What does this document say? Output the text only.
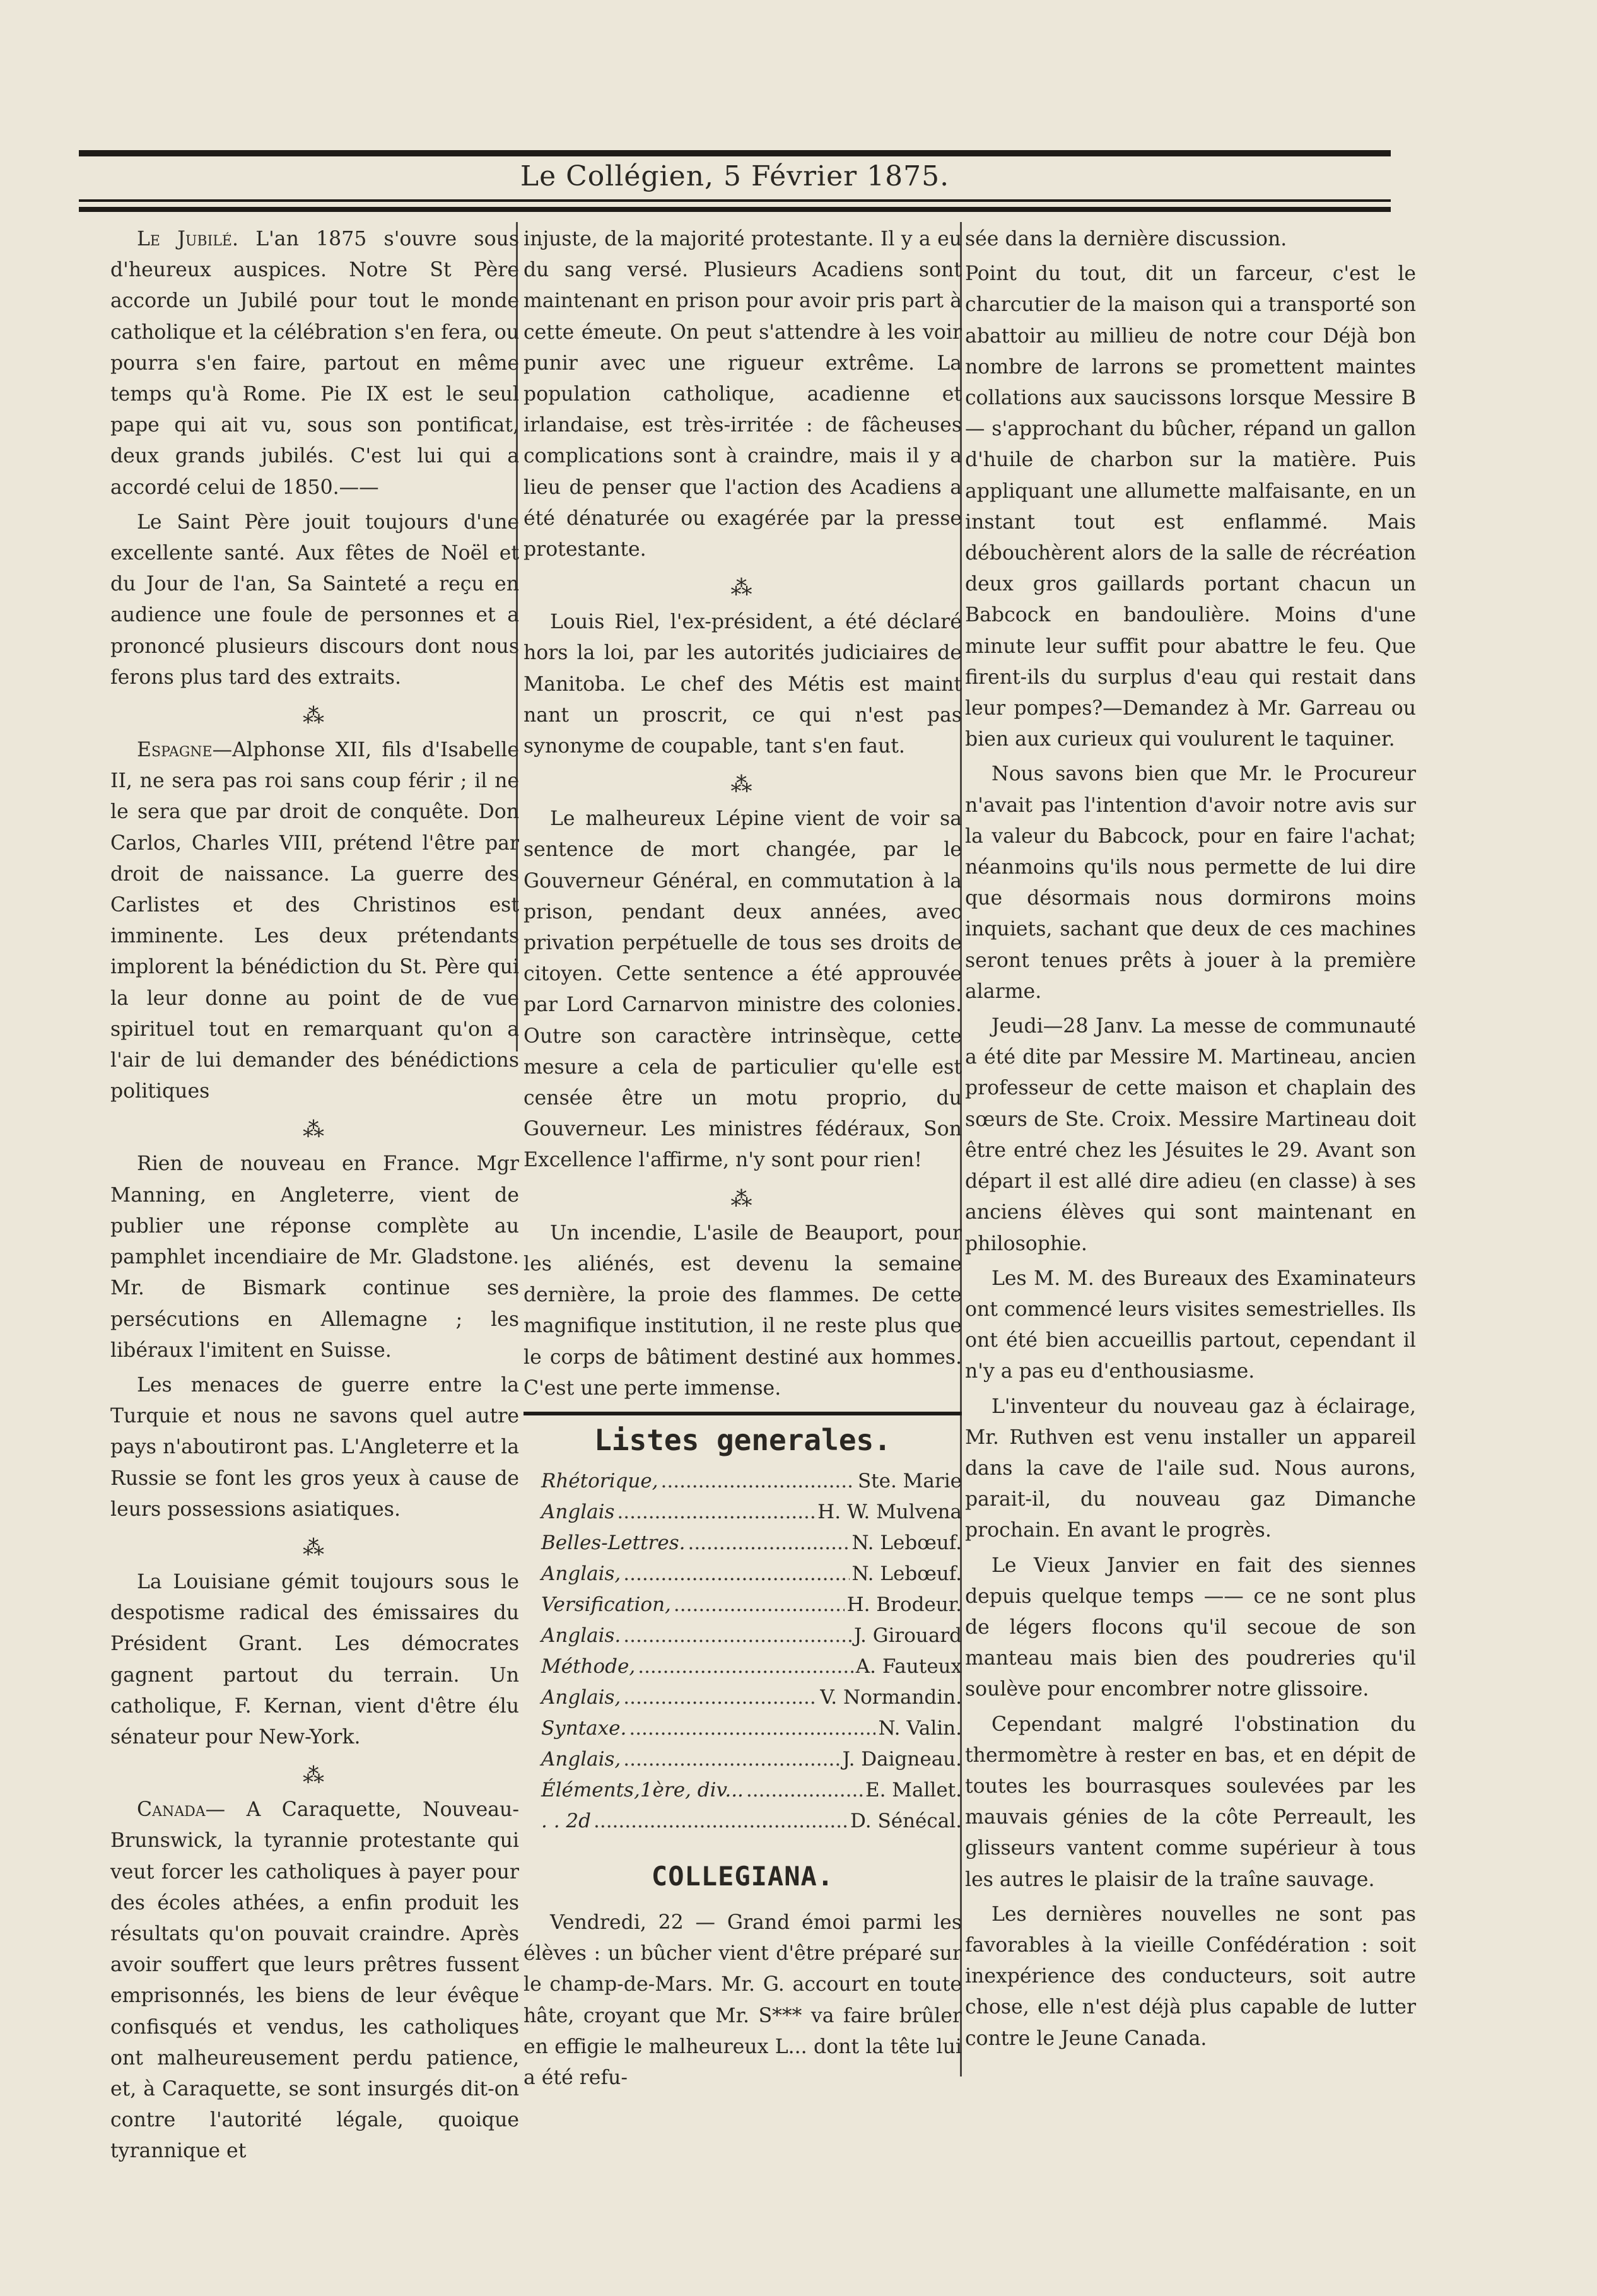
Le Collégien, 5 Février 1875.

Le Jubilé. L'an 1875 s'ouvre sous d'heureux auspices. Notre St Père accorde un Jubilé pour tout le monde catholique et la célébration s'en fera, ou pourra s'en faire, partout en même temps qu'à Rome. Pie IX est le seul pape qui ait vu, sous son pontificat, deux grands jubilés. C'est lui qui a accordé celui de 1850.——

Le Saint Père jouit toujours d'une excellente santé. Aux fêtes de Noël et du Jour de l'an, Sa Sainteté a reçu en audience une foule de personnes et a prononcé plusieurs discours dont nous ferons plus tard des extraits.

⁂

Espagne—Alphonse XII, fils d'Isabelle II, ne sera pas roi sans coup férir ; il ne le sera que par droit de conquête. Don Carlos, Charles VIII, prétend l'être par droit de naissance. La guerre des Carlistes et des Christinos est imminente. Les deux prétendants implorent la bénédiction du St. Père qui la leur donne au point de de vue spirituel tout en remarquant qu'on a l'air de lui demander des bénédictions politiques

⁂

Rien de nouveau en France. Mgr Manning, en Angleterre, vient de publier une réponse complète au pamphlet incendiaire de Mr. Gladstone. Mr. de Bismark continue ses persécutions en Allemagne ; les libéraux l'imitent en Suisse.

Les menaces de guerre entre la Turquie et nous ne savons quel autre pays n'aboutiront pas. L'Angleterre et la Russie se font les gros yeux à cause de leurs possessions asiatiques.

⁂

La Louisiane gémit toujours sous le despotisme radical des émissaires du Président Grant. Les démocrates gagnent partout du terrain. Un catholique, F. Kernan, vient d'être élu sénateur pour New-York.

⁂

Canada— A Caraquette, Nouveau-Brunswick, la tyrannie protestante qui veut forcer les catholiques à payer pour des écoles athées, a enfin produit les résultats qu'on pouvait craindre. Après avoir souffert que leurs prêtres fussent emprisonnés, les biens de leur évêque confisqués et vendus, les catholiques ont malheureusement perdu patience, et, à Caraquette, se sont insurgés dit-on contre l'autorité légale, quoique tyrannique et

injuste, de la majorité protestante. Il y a eu du sang versé. Plusieurs Acadiens sont maintenant en prison pour avoir pris part à cette émeute. On peut s'attendre à les voir punir avec une rigueur extrême. La population catholique, acadienne et irlandaise, est très-irritée : de fâcheuses complications sont à craindre, mais il y a lieu de penser que l'action des Acadiens a été dénaturée ou exagérée par la presse protestante.

⁂

Louis Riel, l'ex-président, a été déclaré hors la loi, par les autorités judiciaires de Manitoba. Le chef des Métis est maint nant un proscrit, ce qui n'est pas synonyme de coupable, tant s'en faut.

⁂

Le malheureux Lépine vient de voir sa sentence de mort changée, par le Gouverneur Général, en commutation à la prison, pendant deux années, avec privation perpétuelle de tous ses droits de citoyen. Cette sentence a été approuvée par Lord Carnarvon ministre des colonies. Outre son caractère intrinsèque, cette mesure a cela de particulier qu'elle est censée être un motu proprio, du Gouverneur. Les ministres fédéraux, Son Excellence l'affirme, n'y sont pour rien!

⁂

Un incendie, L'asile de Beauport, pour les aliénés, est devenu la semaine dernière, la proie des flammes. De cette magnifique institution, il ne reste plus que le corps de bâtiment destiné aux hommes. C'est une perte immense.

Listes generales.
Rhétorique, .....	Ste. Marie
Anglais .....	H. W. Mulvena
Belles-Lettres. .....	N. Lebœuf.
Anglais, .....	N. Lebœuf.
Versification, .....	H. Brodeur.
Anglais. .....	J. Girouard
Méthode, .....	A. Fauteux
Anglais, .....	V. Normandin.
Syntaxe. .....	N. Valin.
Anglais, .....	J. Daigneau.
Éléments,1ère, div... .....	E. Mallet.
. . 2d .....	D. Sénécal.
COLLEGIANA.

Vendredi, 22 — Grand émoi parmi les élèves : un bûcher vient d'être préparé sur le champ-de-Mars. Mr. G. accourt en toute hâte, croyant que Mr. S*** va faire brûler en effigie le malheureux L... dont la tête lui a été refu-

sée dans la dernière discussion.

Point du tout, dit un farceur, c'est le charcutier de la maison qui a transporté son abattoir au millieu de notre cour Déjà bon nombre de larrons se promettent maintes collations aux saucissons lorsque Messire B— s'approchant du bûcher, répand un gallon d'huile de charbon sur la matière. Puis appliquant une allumette malfaisante, en un instant tout est enflammé. Mais débouchèrent alors de la salle de récréation deux gros gaillards portant chacun un Babcock en bandoulière. Moins d'une minute leur suffit pour abattre le feu. Que firent-ils du surplus d'eau qui restait dans leur pompes?—Demandez à Mr. Garreau ou bien aux curieux qui voulurent le taquiner.

Nous savons bien que Mr. le Procureur n'avait pas l'intention d'avoir notre avis sur la valeur du Babcock, pour en faire l'achat; néanmoins qu'ils nous permette de lui dire que désormais nous dormirons moins inquiets, sachant que deux de ces machines seront tenues prêts à jouer à la première alarme.

Jeudi—28 Janv. La messe de communauté a été dite par Messire M. Martineau, ancien professeur de cette maison et chaplain des sœurs de Ste. Croix. Messire Martineau doit être entré chez les Jésuites le 29. Avant son départ il est allé dire adieu (en classe) à ses anciens élèves qui sont maintenant en philosophie.

Les M. M. des Bureaux des Examinateurs ont commencé leurs visites semestrielles. Ils ont été bien accueillis partout, cependant il n'y a pas eu d'enthousiasme.

L'inventeur du nouveau gaz à éclairage, Mr. Ruthven est venu installer un appareil dans la cave de l'aile sud. Nous aurons, parait-il, du nouveau gaz Dimanche prochain. En avant le progrès.

Le Vieux Janvier en fait des siennes depuis quelque temps —— ce ne sont plus de légers flocons qu'il secoue de son manteau mais bien des poudreries qu'il soulève pour encombrer notre glissoire.

Cependant malgré l'obstination du thermomètre à rester en bas, et en dépit de toutes les bourrasques soulevées par les mauvais génies de la côte Perreault, les glisseurs vantent comme supérieur à tous les autres le plaisir de la traîne sauvage.

Les dernières nouvelles ne sont pas favorables à la vieille Confédération : soit inexpérience des conducteurs, soit autre chose, elle n'est déjà plus capable de lutter contre le Jeune Canada.
